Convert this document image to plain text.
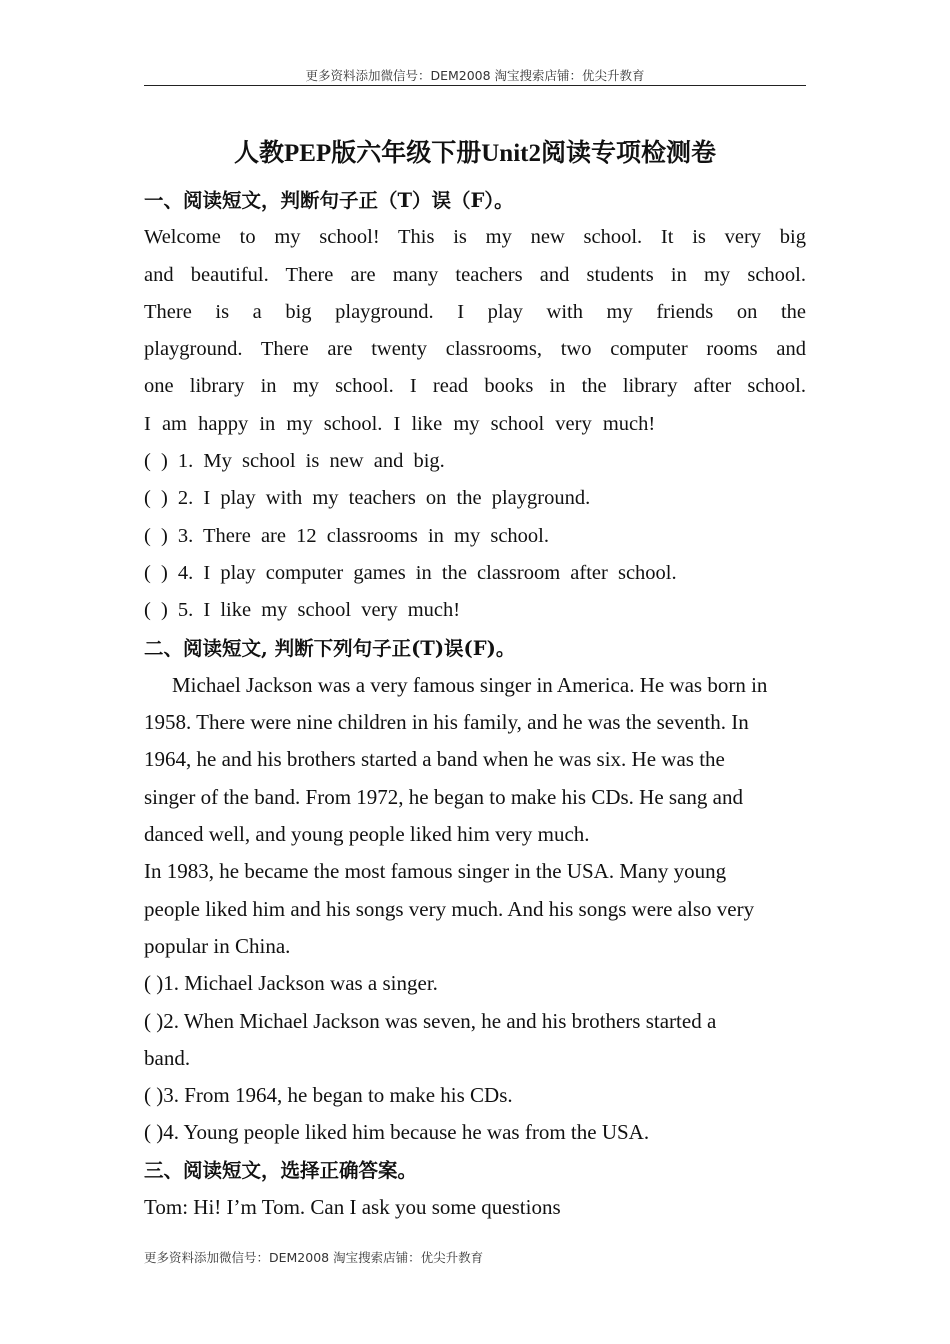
更多资料添加微信号：DEM2008 淘宝搜索店铺：优尖升教育
人教PEP版六年级下册Unit2阅读专项检测卷
一、阅读短文，判断句子正（T）误（F）。
Welcome to my school! This is my new school. It is very big
and beautiful. There are many teachers and students in my school.
There is a big playground. I play with my friends on the
playground. There are twenty classrooms, two computer rooms and
one library in my school. I read books in the library after school.
I am happy in my school. I like my school very much!
( ) 1. My school is new and big.
( ) 2. I play with my teachers on the playground.
( ) 3. There are 12 classrooms in my school.
( ) 4. I play computer games in the classroom after school.
( ) 5. I like my school very much!
二、阅读短文, 判断下列句子正(T)误(F)。
Michael Jackson was a very famous singer in America. He was born in
1958. There were nine children in his family, and he was the seventh. In
1964, he and his brothers started a band when he was six. He was the
singer of the band. From 1972, he began to make his CDs. He sang and
danced well, and young people liked him very much.
In 1983, he became the most famous singer in the USA. Many young
people liked him and his songs very much. And his songs were also very
popular in China.
( )1. Michael Jackson was a singer.
( )2. When Michael Jackson was seven, he and his brothers started a
band.
( )3. From 1964, he began to make his CDs.
( )4. Young people liked him because he was from the USA.
三、阅读短文，选择正确答案。
Tom: Hi! I’m Tom. Can I ask you some questions
更多资料添加微信号：DEM2008 淘宝搜索店铺：优尖升教育
